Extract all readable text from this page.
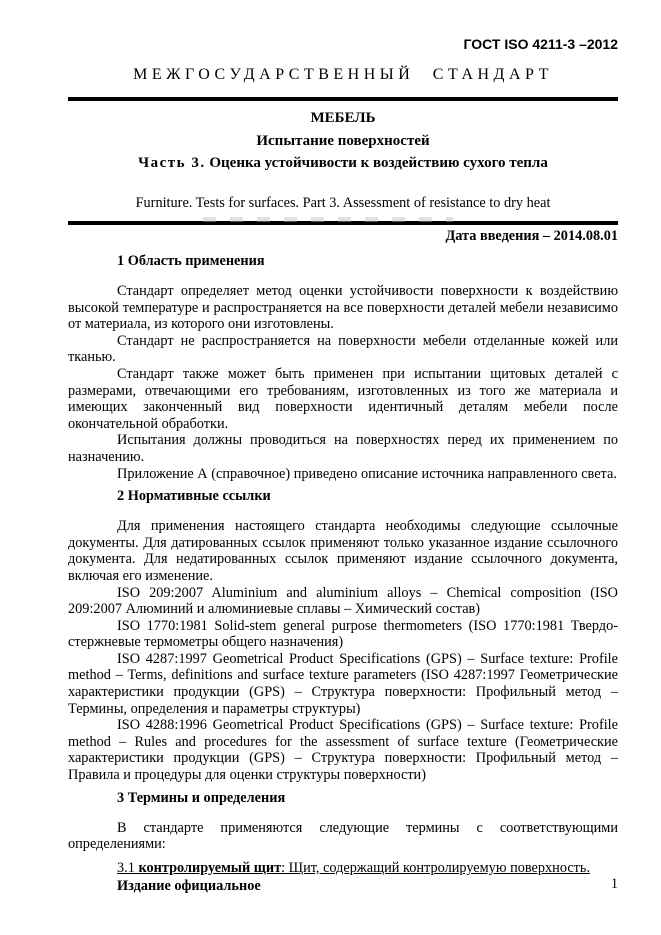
ГОСТ ISO 4211-3 –2012
МЕЖГОСУДАРСТВЕННЫЙ СТАНДАРТ
МЕБЕЛЬ
Испытание поверхностей
Часть 3. Оценка устойчивости к воздействию сухого тепла
Furniture. Tests for surfaces. Part 3. Assessment of resistance to dry heat
Дата введения – 2014.08.01
1 Область применения

Стандарт определяет метод оценки устойчивости поверхности к воздействию высокой температуре и распространяется на все поверхности деталей мебели независимо от материала, из которого они изготовлены.

Стандарт не распространяется на поверхности мебели отделанные кожей или тканью.

Стандарт также может быть применен при испытании щитовых деталей с размерами, отвечающими его требованиям, изготовленных из того же материала и имеющих законченный вид поверхности идентичный деталям мебели после окончательной обработки.

Испытания должны проводиться на поверхностях перед их применением по назначению.

Приложение А (справочное) приведено описание источника направленного света.

2 Нормативные ссылки

Для применения настоящего стандарта необходимы следующие ссылочные документы. Для датированных ссылок применяют только указанное издание ссылочного документа. Для недатированных ссылок применяют издание ссылочного документа, включая его изменение.

ISO 209:2007 Aluminium and aluminium alloys – Chemical composition (ISO 209:2007 Алюминий и алюминиевые сплавы – Химический состав)

ISO 1770:1981 Solid-stem general purpose thermometers (ISO 1770:1981 Твердо-стержневые термометры общего назначения)

ISO 4287:1997 Geometrical Product Specifications (GPS) – Surface texture: Profile method – Terms, definitions and surface texture parameters (ISO 4287:1997 Геометрические характеристики продукции (GPS) – Структура поверхности: Профильный метод – Термины, определения и параметры структуры)

ISO 4288:1996 Geometrical Product Specifications (GPS) – Surface texture: Profile method – Rules and procedures for the assessment of surface texture (Геометрические характеристики продукции (GPS) – Структура поверхности: Профильный метод – Правила и процедуры для оценки структуры поверхности)

3 Термины и определения

В стандарте применяются следующие термины с соответствующими определениями:

3.1 контролируемый щит: Щит, содержащий контролируемую поверхность.

Издание официальное	1
